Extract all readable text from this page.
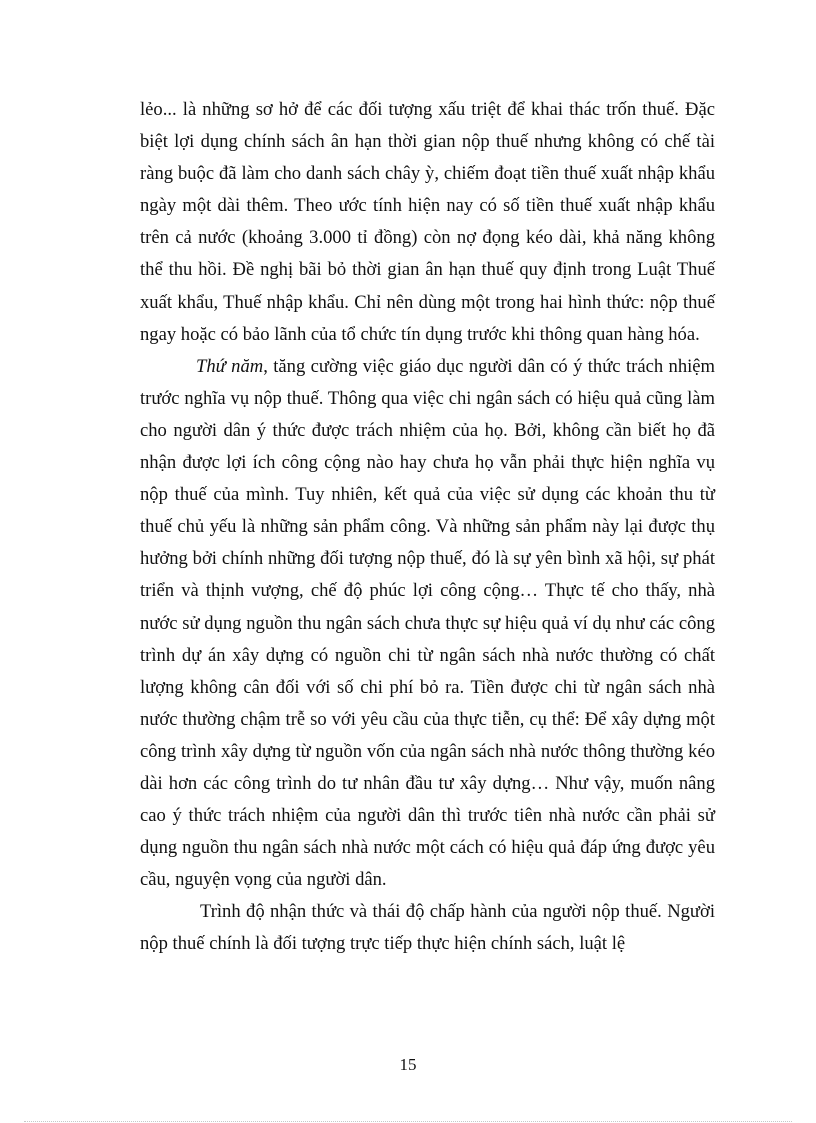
lẻo... là những sơ hở để các đối tượng xấu triệt để khai thác trốn thuế. Đặc biệt lợi dụng chính sách ân hạn thời gian nộp thuế nhưng không có chế tài ràng buộc đã làm cho danh sách chây ỳ, chiếm đoạt tiền thuế xuất nhập khẩu ngày một dài thêm. Theo ước tính hiện nay có số tiền thuế xuất nhập khẩu trên cả nước (khoảng 3.000 tỉ đồng) còn nợ đọng kéo dài, khả năng không thể thu hồi. Đề nghị bãi bỏ thời gian ân hạn thuế quy định trong Luật Thuế xuất khẩu, Thuế nhập khẩu. Chỉ nên dùng một trong hai hình thức: nộp thuế ngay hoặc có bảo lãnh của tổ chức tín dụng trước khi thông quan hàng hóa.

Thứ năm, tăng cường việc giáo dục người dân có ý thức trách nhiệm trước nghĩa vụ nộp thuế. Thông qua việc chi ngân sách có hiệu quả cũng làm cho người dân ý thức được trách nhiệm của họ. Bởi, không cần biết họ đã nhận được lợi ích công cộng nào hay chưa họ vẫn phải thực hiện nghĩa vụ nộp thuế của mình. Tuy nhiên, kết quả của việc sử dụng các khoản thu từ thuế chủ yếu là những sản phẩm công. Và những sản phẩm này lại được thụ hưởng bởi chính những đối tượng nộp thuế, đó là sự yên bình xã hội, sự phát triển và thịnh vượng, chế độ phúc lợi công cộng… Thực tế cho thấy, nhà nước sử dụng nguồn thu ngân sách chưa thực sự hiệu quả ví dụ như các công trình dự án xây dựng có nguồn chi từ ngân sách nhà nước thường có chất lượng không cân đối với số chi phí bỏ ra. Tiền được chi từ ngân sách nhà nước thường chậm trễ so với yêu cầu của thực tiễn, cụ thể: Để xây dựng một công trình xây dựng từ nguồn vốn của ngân sách nhà nước thông thường kéo dài hơn các công trình do tư nhân đầu tư xây dựng… Như vậy, muốn nâng cao ý thức trách nhiệm của người dân thì trước tiên nhà nước cần phải sử dụng nguồn thu ngân sách nhà nước một cách có hiệu quả đáp ứng được yêu cầu, nguyện vọng của người dân.

Trình độ nhận thức và thái độ chấp hành của người nộp thuế. Người nộp thuế chính là đối tượng trực tiếp thực hiện chính sách, luật lệ

15
